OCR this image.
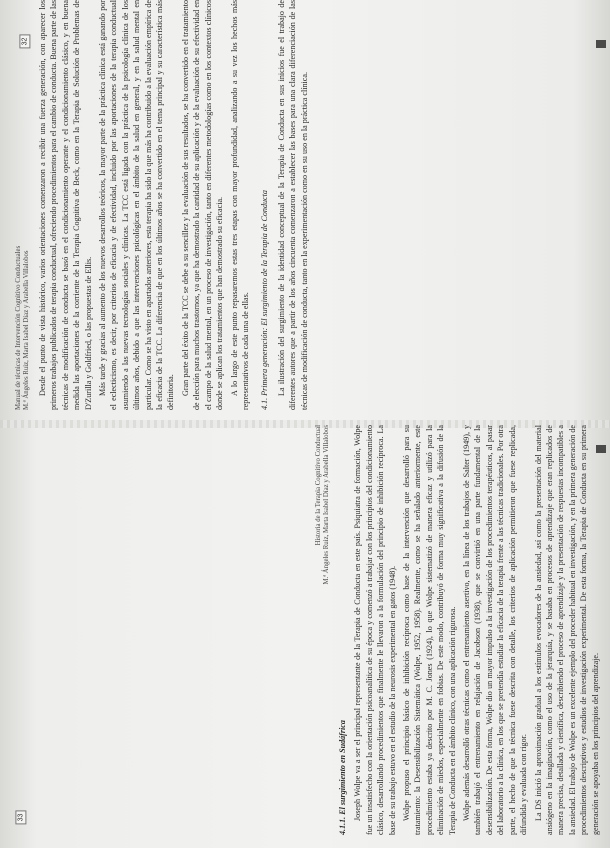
32
33
Manual de técnicas de Intervención Cognitivo Conductuales M.ª Ángeles Ruiz, Marta Isabel Díaz y Arabella Villalobos Desde el punto de vista histórico, varios orientaciones comenzaron a recibir una fuerza generación, con aparecer los primeros trabajos publicados de terapia conductual, ofreciendo procedimientos para el cambio de conducta. Buena parte de las técnicas de modificación de conducta se basó en el condicionamiento operante y el condicionamiento clásico, y en buena medida las aportaciones de la corriente de la Terapia Cognitiva de Beck, como en la Terapia de Solución de Problemas de D'Zurilla y Goldfried, o las propuestas de Ellis. Más tarde y gracias al aumento de los nuevos desarrollos teóricos, la mayor parte de la práctica clínica está ganando por el eclecticismo, es decir, por criterios de eficacia y de efectividad, incluido por las aportaciones de la terapia conductual asumiendo a las nuevas tecnologías sociales y clínicas. La TCC está ligada con la práctica de la psicología clínica de los últimos años, debido a que las intervenciones psicológicas en el ámbito de la salud en general, y en la salud mental en particular. Como se ha visto en apartados anteriores, esta terapia ha sido la que más ha contribuido a la evaluación empírica de la eficacia de la TCC. La diferencia de que en los últimos años se ha convertido en el tema principal y su característica más definitoria. Gran parte del éxito de la TCC se debe a su sencillez y la evaluación de sus resultados, se ha convertido en el tratamiento de elección para muchos trastornos, ya que ha demostrado la cantidad de su aplicación y de la evaluación de su efectividad en el campo de la salud mental, en un proceso de investigación, tanto en diferentes metodologías como en los contextos clínicos donde se aplican los tratamientos que han demostrado su eficacia. A lo largo de este punto repasaremos estas tres etapas con mayor profundidad, analizando a su vez los hechos más representativos de cada una de ellas. 4.1. Primera generación: El surgimiento de la Terapia de Conducta La ilustración del surgimiento de la identidad conceptual de la Terapia de Conducta en sus inicios fue el trabajo de diferentes autores que a partir de los años cincuenta comenzaron a establecer las bases para una clara diferenciación de las técnicas de modificación de conducta, tanto en la experimentación como en su uso en la práctica clínica.

Historia de la Terapia Cognitivo Conductual M.ª Ángeles Ruiz, Marta Isabel Díaz y Arabella Villalobos
4.1.1. El surgimiento en Sudáfrica Joseph Wolpe va a ser el principal representante de la Terapia de Conducta en este país. Psiquiatra de formación, Wolpe fue un insatisfecho con la orientación psicoanalítica de su época y comenzó a trabajar con los principios del condicionamiento clásico, desarrollando procedimientos que finalmente le llevaron a la formulación del principio de inhibición recíproca. La base de su trabajo estuvo en el estudio de la neurosis experimental en gatos (1948). Wolpe propuso el principio básico de inhibición recíproca como base de la intervención que desarrolló para su tratamiento: la Desensibilización Sistemática (Wolpe, 1952, 1958). Realmente, como se ha señalado anteriormente, este procedimiento estaba ya descrito por M. C. Jones (1924), lo que Wolpe sistematizó de manera eficaz y utilizó para la eliminación de miedos, especialmente en fobias. De este modo, contribuyó de forma muy significativa a la difusión de la Terapia de Conducta en el ámbito clínico, con una aplicación rigurosa. Wolpe además desarrolló otras técnicas como el entrenamiento asertivo, en la línea de los trabajos de Salter (1949), y también trabajó el entrenamiento en relajación de Jacobson (1938), que se convirtió en una parte fundamental de la desensibilización. De esta forma, Wolpe dio un mayor impulso a la investigación de los procedimientos terapéuticos, al pasar del laboratorio a la clínica, en los que se pretendía estudiar la eficacia de la terapia frente a las técnicas tradicionales. Por otra parte, el hecho de que la técnica fuese descrita con detalle, los criterios de aplicación permitieron que fuese replicada, difundida y evaluada con rigor. La DS inició la aproximación gradual a los estímulos evocadores de la ansiedad, así como la presentación del material ansiógeno en la imaginación, como el uso de la jerarquía, y se basaba en procesos de aprendizaje que eran replicados de manera precisa, detallada y científica, describiendo el proceso de aprendizaje y la presentación de respuestas incompatibles a la ansiedad. El trabajo de Wolpe es un excelente ejemplo del proceder habitual en investigación, y en la primera generación de procedimientos descriptivos y estudios de investigación experimental. De esta forma, la Terapia de Conducta en su primera generación se apoyaba en los principios del aprendizaje.
